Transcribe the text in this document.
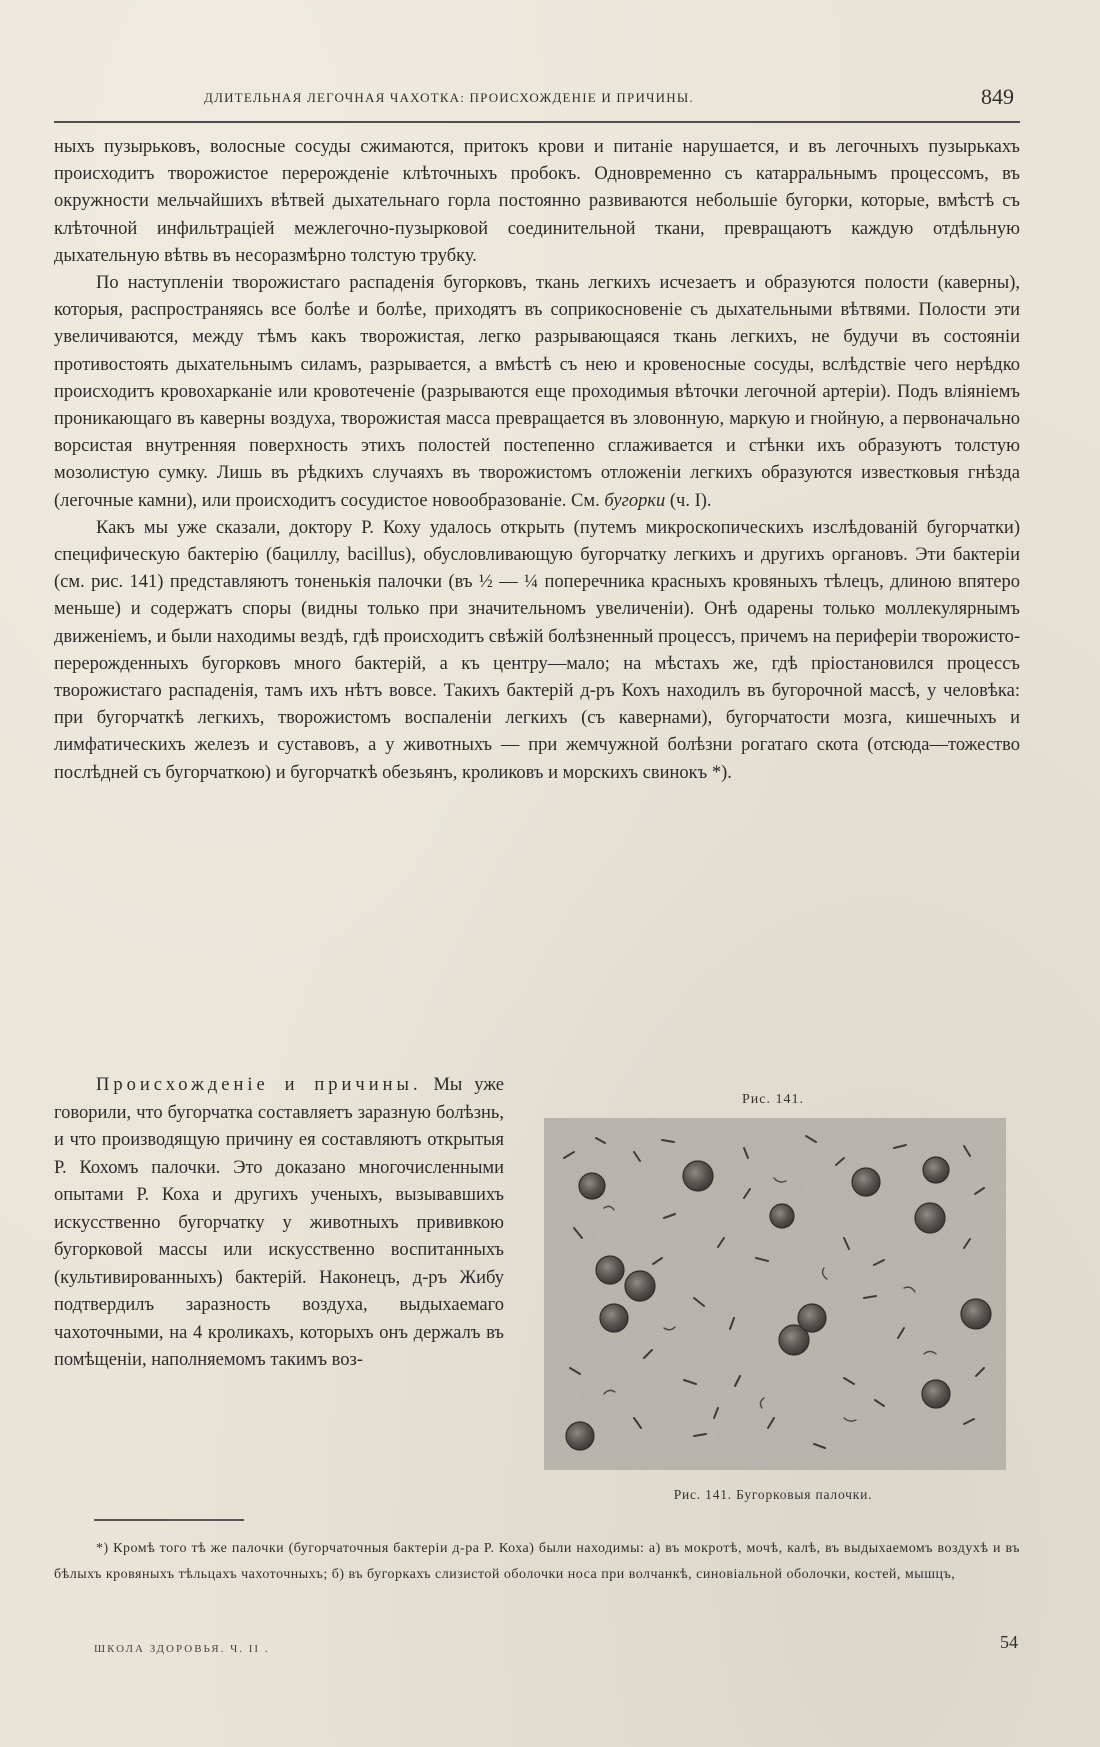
ДЛИТЕЛЬНАЯ ЛЕГОЧНАЯ ЧАХОТКА: ПРОИСХОЖДЕНІЕ И ПРИЧИНЫ.	849

ныхъ пузырьковъ, волосные сосуды сжимаются, притокъ крови и питаніе нарушается, и въ легочныхъ пузырькахъ происходитъ творожистое перерожденіе клѣточныхъ пробокъ. Одновременно съ катарральнымъ процессомъ, въ окружности мельчайшихъ вѣтвей дыхательнаго горла постоянно развиваются небольшіе бугорки, которые, вмѣстѣ съ клѣточной инфильтраціей межлегочно-пузырковой соединительной ткани, превращаютъ каждую отдѣльную дыхательную вѣтвь въ несоразмѣрно толстую трубку.

По наступленіи творожистаго распаденія бугорковъ, ткань легкихъ исчезаетъ и образуются полости (каверны), которыя, распространяясь все болѣе и болѣе, приходятъ въ соприкосновеніе съ дыхательными вѣтвями. Полости эти увеличиваются, между тѣмъ какъ творожистая, легко разрывающаяся ткань легкихъ, не будучи въ состояніи противостоять дыхательнымъ силамъ, разрывается, а вмѣстѣ съ нею и кровеносные сосуды, вслѣдствіе чего нерѣдко происходитъ кровохарканіе или кровотеченіе (разрываются еще проходимыя вѣточки легочной артеріи). Подъ вліяніемъ проникающаго въ каверны воздуха, творожистая масса превращается въ зловонную, маркую и гнойную, а первоначально ворсистая внутренняя поверхность этихъ полостей постепенно сглаживается и стѣнки ихъ образуютъ толстую мозолистую сумку. Лишь въ рѣдкихъ случаяхъ въ творожистомъ отложеніи легкихъ образуются известковыя гнѣзда (легочные камни), или происходитъ сосудистое новообразованіе. См. бугорки (ч. I).

Какъ мы уже сказали, доктору Р. Коху удалось открыть (путемъ микроскопическихъ изслѣдованій бугорчатки) специфическую бактерію (бациллу, bacillus), обусловливающую бугорчатку легкихъ и другихъ органовъ. Эти бактеріи (см. рис. 141) представляютъ тоненькія палочки (въ ½ — ¼ поперечника красныхъ кровяныхъ тѣлецъ, длиною впятеро меньше) и содержатъ споры (видны только при значительномъ увеличеніи). Онѣ одарены только моллекулярнымъ движеніемъ, и были находимы вездѣ, гдѣ происходитъ свѣжій болѣзненный процессъ, причемъ на периферіи творожисто-перерожденныхъ бугорковъ много бактерій, а къ центру—мало; на мѣстахъ же, гдѣ пріостановился процессъ творожистаго распаденія, тамъ ихъ нѣтъ вовсе. Такихъ бактерій д-ръ Кохъ находилъ въ бугорочной массѣ, у человѣка: при бугорчаткѣ легкихъ, творожистомъ воспаленіи легкихъ (съ кавернами), бугорчатости мозга, кишечныхъ и лимфатическихъ железъ и суставовъ, а у животныхъ — при жемчужной болѣзни рогатаго скота (отсюда—тожество послѣдней съ бугорчаткою) и бугорчаткѣ обезьянъ, кроликовъ и морскихъ свинокъ *).

Происхожденіе и причины. Мы уже говорили, что бугорчатка составляетъ заразную болѣзнь, и что производящую причину ея составляютъ открытыя Р. Кохомъ палочки. Это доказано многочисленными опытами Р. Коха и другихъ ученыхъ, вызывавшихъ искусственно бугорчатку у животныхъ прививкою бугорковой массы или искусственно воспитанныхъ (культивированныхъ) бактерій. Наконецъ, д-ръ Жибу подтвердилъ заразность воздуха, выдыхаемаго чахоточными, на 4 кроликахъ, которыхъ онъ держалъ въ помѣщеніи, наполняемомъ такимъ воз-
Рис. 141.
Рис. 141. Бугорковыя палочки.
*) Кромѣ того тѣ же палочки (бугорчаточныя бактеріи д-ра Р. Коха) были находимы: а) въ мокротѣ, мочѣ, калѣ, въ выдыхаемомъ воздухѣ и въ бѣлыхъ кровяныхъ тѣльцахъ чахоточныхъ; б) въ бугоркахъ слизистой оболочки носа при волчанкѣ, синовіальной оболочки, костей, мышцъ,
ШКОЛА ЗДОРОВЬЯ. Ч. II .	54
